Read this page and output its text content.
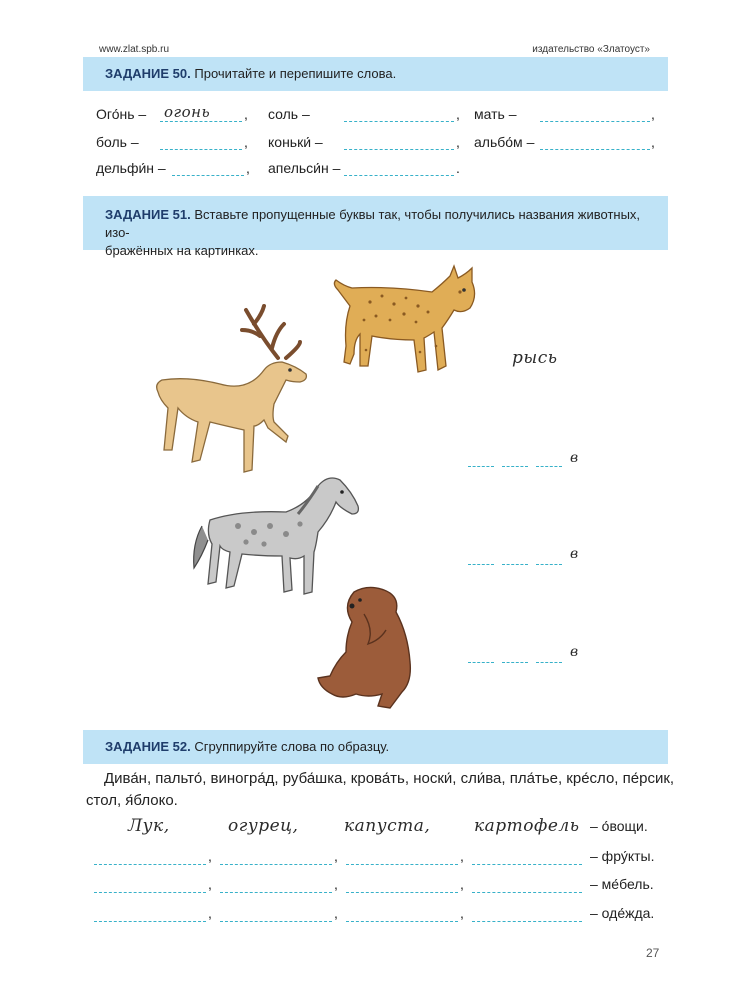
www.zlat.spb.ru	издательство «Златоуст»
ЗАДАНИЕ 50. Прочитайте и перепишите слова.
Ого́нь – огонь , соль –	, мать –	,
боль –	, коньки́ –	, альбо́м –	,
дельфи́н –	, апельси́н –	.
ЗАДАНИЕ 51. Вставьте пропущенные буквы так, чтобы получились названия животных, изо-
бражённых на картинках.
рысь
в
в
в
ЗАДАНИЕ 52. Сгруппируйте слова по образцу.
Дива́н, пальто́, виногра́д, руба́шка, крова́ть, носки́, сли́ва, пла́тье, кре́сло, пе́рсик,
стол, я́блоко.
Лук,	огурец,	капуста,	картофель – о́вощи.
,	,	,	– фру́кты.
,	,	,	– ме́бель.
,	,	,	– оде́жда.
27
